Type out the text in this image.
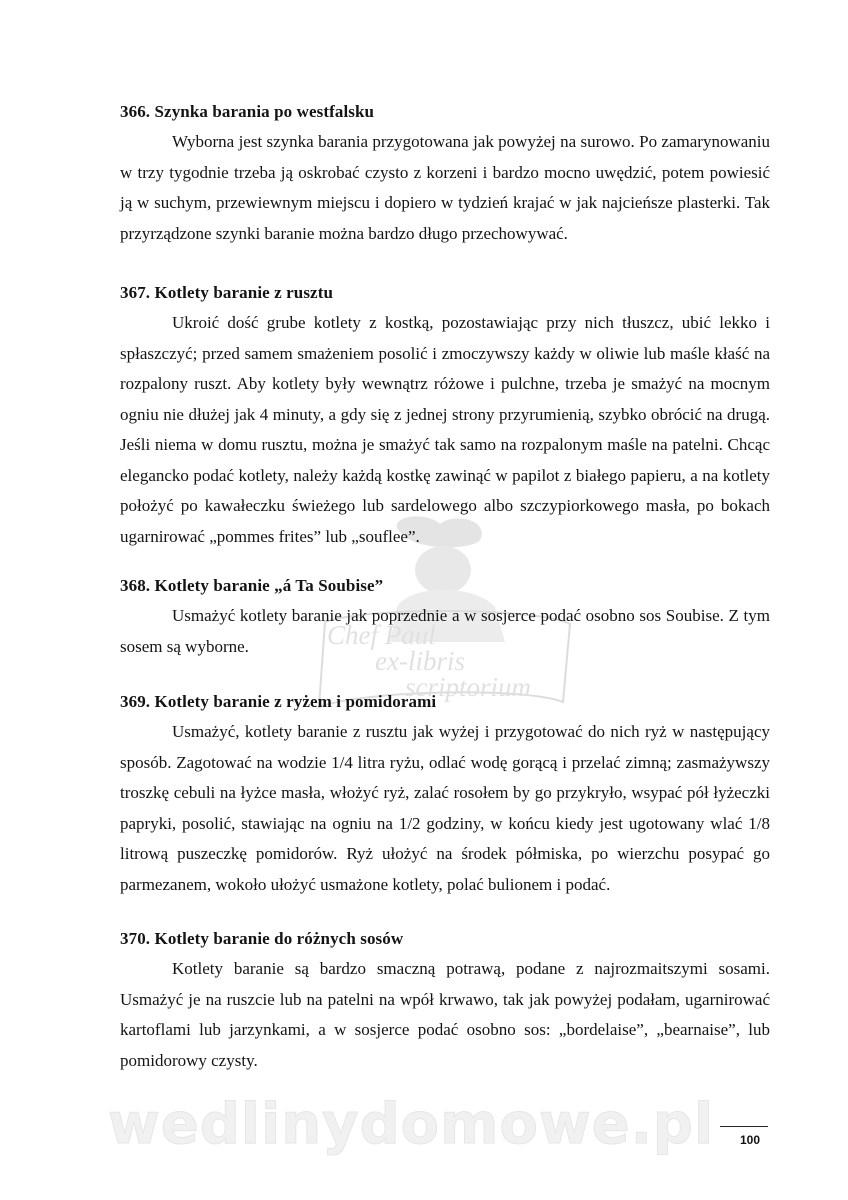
Chef Paul
ex-libris
scriptorium
366. Szynka barania po westfalsku

Wyborna jest szynka barania przygotowana jak powyżej na surowo. Po zamarynowaniu w trzy tygodnie trzeba ją oskrobać czysto z korzeni i bardzo mocno uwędzić, potem powiesić ją w suchym, przewiewnym miejscu i dopiero w tydzień krajać w jak najcieńsze plasterki. Tak przyrządzone szynki baranie można bardzo długo przechowywać.

367. Kotlety baranie z rusztu

Ukroić dość grube kotlety z kostką, pozostawiając przy nich tłuszcz, ubić lekko i spłaszczyć; przed samem smażeniem posolić i zmoczywszy każdy w oliwie lub maśle kłaść na rozpalony ruszt. Aby kotlety były wewnątrz różowe i pulchne, trzeba je smażyć na mocnym ogniu nie dłużej jak 4 minuty, a gdy się z jednej strony przyrumienią, szybko obrócić na drugą. Jeśli niema w domu rusztu, można je smażyć tak samo na rozpalonym maśle na patelni. Chcąc elegancko podać kotlety, należy każdą kostkę zawinąć w papilot z białego papieru, a na kotlety położyć po kawałeczku świeżego lub sardelowego albo szczypiorkowego masła, po bokach ugarnirować „pommes frites” lub „souflee”.

368. Kotlety baranie „á Ta Soubise”

Usmażyć kotlety baranie jak poprzednie a w sosjerce podać osobno sos Soubise. Z tym sosem są wyborne.

369. Kotlety baranie z ryżem i pomidorami

Usmażyć, kotlety baranie z rusztu jak wyżej i przygotować do nich ryż w następujący sposób. Zagotować na wodzie 1/4 litra ryżu, odlać wodę gorącą i przelać zimną; zasmażywszy troszkę cebuli na łyżce masła, włożyć ryż, zalać rosołem by go przykryło, wsypać pół łyżeczki papryki, posolić, stawiając na ogniu na 1/2 godziny, w końcu kiedy jest ugotowany wlać 1/8 litrową puszeczkę pomidorów. Ryż ułożyć na środek półmiska, po wierzchu posypać go parmezanem, wokoło ułożyć usmażone kotlety, polać bulionem i podać.

370. Kotlety baranie do różnych sosów

Kotlety baranie są bardzo smaczną potrawą, podane z najrozmaitszymi sosami. Usmażyć je na ruszcie lub na patelni na wpół krwawo, tak jak powyżej podałam, ugarnirować kartoflami lub jarzynkami, a w sosjerce podać osobno sos: „bordelaise”, „bearnaise”, lub pomidorowy czysty.

wedlinydomowe.pl	100
